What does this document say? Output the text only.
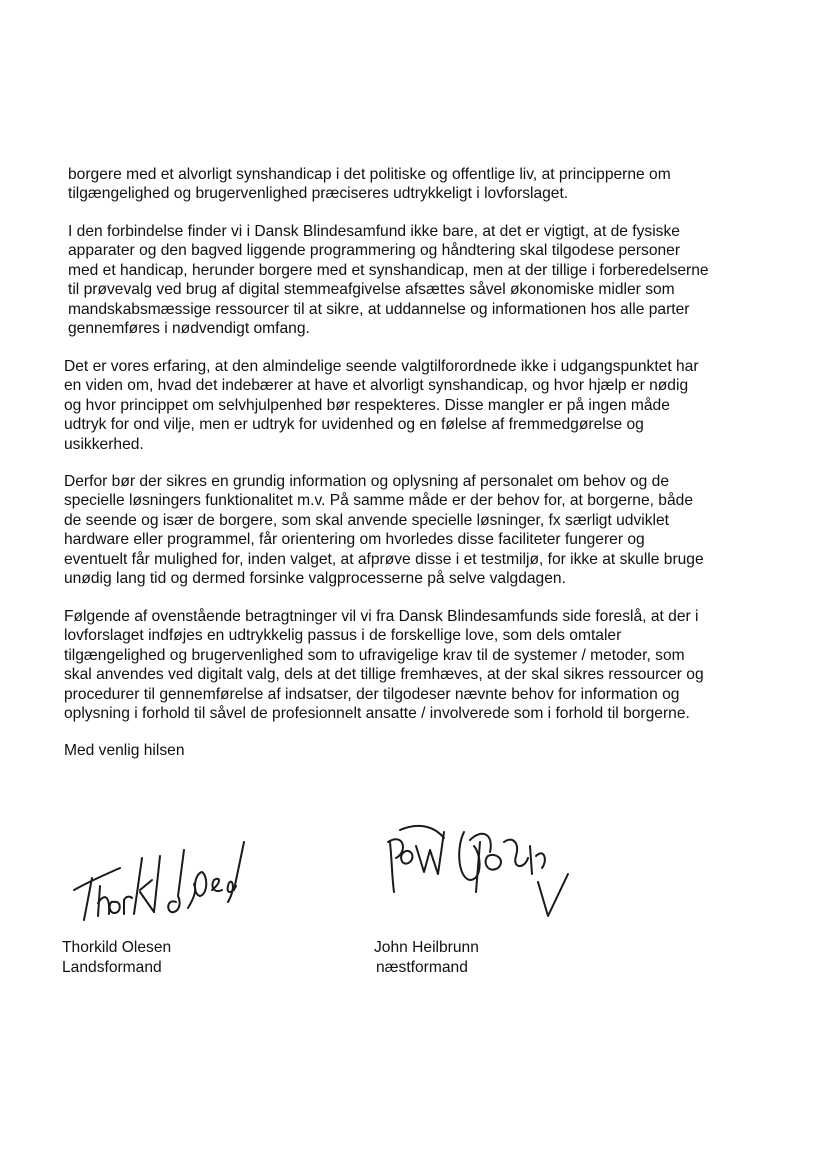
borgere med et alvorligt synshandicap i det politiske og offentlige liv, at principperne om
tilgængelighed og brugervenlighed præciseres udtrykkeligt i lovforslaget.

I den forbindelse finder vi i Dansk Blindesamfund ikke bare, at det er vigtigt, at de fysiske
apparater og den bagved liggende programmering og håndtering skal tilgodese personer
med et handicap, herunder borgere med et synshandicap, men at der tillige i forberedelserne
til prøvevalg ved brug af digital stemmeafgivelse afsættes såvel økonomiske midler som
mandskabsmæssige ressourcer til at sikre, at uddannelse og informationen hos alle parter
gennemføres i nødvendigt omfang.

Det er vores erfaring, at den almindelige seende valgtilforordnede ikke i udgangspunktet har
en viden om, hvad det indebærer at have et alvorligt synshandicap, og hvor hjælp er nødig
og hvor princippet om selvhjulpenhed bør respekteres. Disse mangler er på ingen måde
udtryk for ond vilje, men er udtryk for uvidenhed og en følelse af fremmedgørelse og
usikkerhed.

Derfor bør der sikres en grundig information og oplysning af personalet om behov og de
specielle løsningers funktionalitet m.v. På samme måde er der behov for, at borgerne, både
de seende og især de borgere, som skal anvende specielle løsninger, fx særligt udviklet
hardware eller programmel, får orientering om hvorledes disse faciliteter fungerer og
eventuelt får mulighed for, inden valget, at afprøve disse i et testmiljø, for ikke at skulle bruge
unødig lang tid og dermed forsinke valgprocesserne på selve valgdagen.

Følgende af ovenstående betragtninger vil vi fra Dansk Blindesamfunds side foreslå, at der i
lovforslaget indføjes en udtrykkelig passus i de forskellige love, som dels omtaler
tilgængelighed og brugervenlighed som to ufravigelige krav til de systemer / metoder, som
skal anvendes ved digitalt valg, dels at det tillige fremhæves, at der skal sikres ressourcer og
procedurer til gennemførelse af indsatser, der tilgodeser nævnte behov for information og
oplysning i forhold til såvel de profesionnelt ansatte / involverede som i forhold til borgerne.

Med venlig hilsen

Thorkild Olesen

Landsformand

John Heilbrunn

næstformand
